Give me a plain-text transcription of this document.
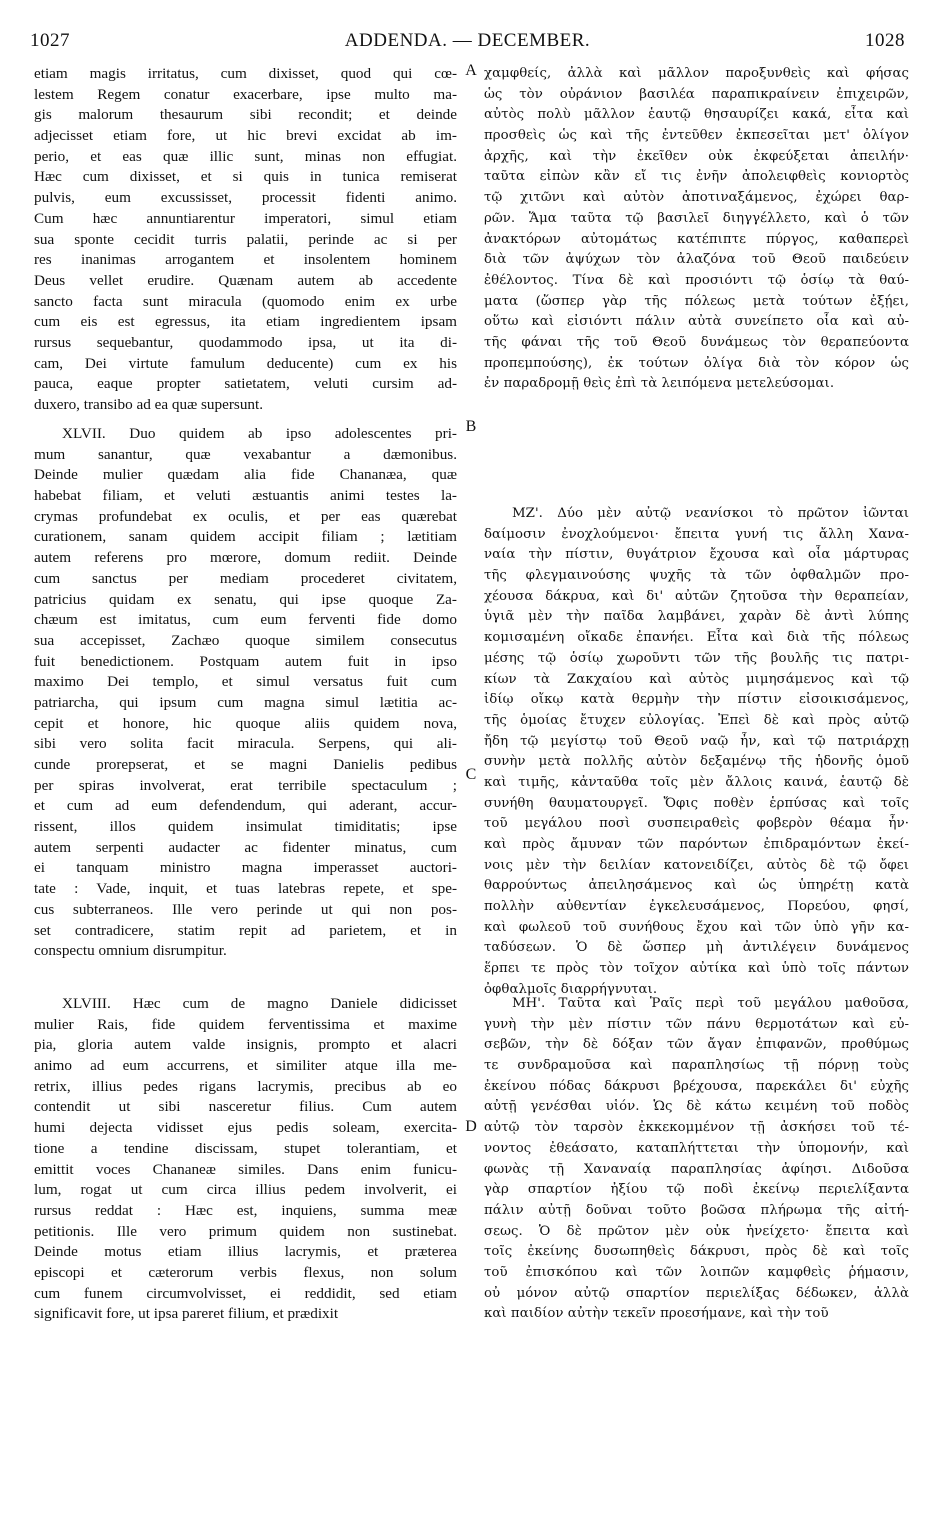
1027	ADDENDA. — DECEMBER.	1028
etiam magis irritatus, cum dixisset, quod qui cœ-
lestem Regem conatur exacerbare, ipse multo ma-
gis malorum thesaurum sibi recondit; et deinde
adjecisset etiam fore, ut hic brevi excidat ab im-
perio, et eas quæ illic sunt, minas non effugiat.
Hæc cum dixisset, et si quis in tunica remiserat
pulvis, eum excussisset, processit fidenti animo.
Cum hæc annuntiarentur imperatori, simul etiam
sua sponte cecidit turris palatii, perinde ac si per
res inanimas arrogantem et insolentem hominem
Deus vellet erudire. Quænam autem ab accedente
sancto facta sunt miracula (quomodo enim ex urbe
cum eis est egressus, ita etiam ingredientem ipsam
rursus sequebantur, quodammodo ipsa, ut ita di-
cam, Dei virtute famulum deducente) cum ex his
pauca, eaque propter satietatem, veluti cursim ad-
duxero, transibo ad ea quæ supersunt.
XLVII. Duo quidem ab ipso adolescentes pri-
mum sanantur, quæ vexabantur a dæmonibus.
Deinde mulier quædam alia fide Chananæa, quæ
habebat filiam, et veluti æstuantis animi testes la-
crymas profundebat ex oculis, et per eas quærebat
curationem, sanam quidem accipit filiam ; lætitiam
autem referens pro mœrore, domum rediit. Deinde
cum sanctus per mediam procederet civitatem,
patricius quidam ex senatu, qui ipse quoque Za-
chæum est imitatus, cum eum ferventi fide domo
sua accepisset, Zachæo quoque similem consecutus
fuit benedictionem. Postquam autem fuit in ipso
maximo Dei templo, et simul versatus fuit cum
patriarcha, qui ipsum cum magna simul lætitia ac-
cepit et honore, hic quoque aliis quidem nova,
sibi vero solita facit miracula. Serpens, qui ali-
cunde prorepserat, et se magni Danielis pedibus
per spiras involverat, erat terribile spectaculum ;
et cum ad eum defendendum, qui aderant, accur-
rissent, illos quidem insimulat timiditatis; ipse
autem serpenti audacter ac fidenter minatus, cum
ei tanquam ministro magna imperasset auctori-
tate : Vade, inquit, et tuas latebras repete, et spe-
cus subterraneos. Ille vero perinde ut qui non pos-
set contradicere, statim repit ad parietem, et in
conspectu omnium disrumpitur.
XLVIII. Hæc cum de magno Daniele didicisset
mulier Rais, fide quidem ferventissima et maxime
pia, gloria autem valde insignis, prompto et alacri
animo ad eum accurrens, et similiter atque illa me-
retrix, illius pedes rigans lacrymis, precibus ab eo
contendit ut sibi nasceretur filius. Cum autem
humi dejecta vidisset ejus pedis soleam, exercita-
tione a tendine discissam, stupet tolerantiam, et
emittit voces Chananeæ similes. Dans enim funicu-
lum, rogat ut cum circa illius pedem involverit, ei
rursus reddat : Hæc est, inquiens, summa meæ
petitionis. Ille vero primum quidem non sustinebat.
Deinde motus etiam illius lacrymis, et præterea
episcopi et cæterorum verbis flexus, non solum
cum funem circumvolvisset, ei reddidit, sed etiam
significavit fore, ut ipsa pareret filium, et prædixit
χαμφθείς, ἀλλὰ καὶ μᾶλλον παροξυνθεὶς καὶ φήσας
ὡς τὸν οὐράνιον βασιλέα παραπικραίνειν ἐπιχειρῶν,
αὐτὸς πολὺ μᾶλλον ἑαυτῷ θησαυρίζει κακά, εἶτα καὶ
προσθεὶς ὡς καὶ τῆς ἐντεῦθεν ἐκπεσεῖται μετ' ὀλίγον
ἀρχῆς, καὶ τὴν ἐκεῖθεν οὐκ ἐκφεύξεται ἀπειλήν·
ταῦτα εἰπὼν κἂν εἴ τις ἐνῆν ἀπολειφθεὶς κονιορτὸς
τῷ χιτῶνι καὶ αὐτὸν ἀποτιναξάμενος, ἐχώρει θαρ-
ρῶν. Ἅμα ταῦτα τῷ βασιλεῖ διηγγέλλετο, καὶ ὁ τῶν
ἀνακτόρων αὐτομάτως κατέπιπτε πύργος, καθαπερεὶ
διὰ τῶν ἀψύχων τὸν ἀλαζόνα τοῦ Θεοῦ παιδεύειν
ἐθέλοντος. Τίνα δὲ καὶ προσιόντι τῷ ὁσίῳ τὰ θαύ-
ματα (ὥσπερ γὰρ τῆς πόλεως μετὰ τούτων ἐξῄει,
οὕτω καὶ εἰσιόντι πάλιν αὐτὰ συνείπετο οἷα καὶ αὐ-
τῆς φάναι τῆς τοῦ Θεοῦ δυνάμεως τὸν θεραπεύοντα
προπεμπούσης), ἐκ τούτων ὀλίγα διὰ τὸν κόρον ὡς
ἐν παραδρομῇ θεὶς ἐπὶ τὰ λειπόμενα μετελεύσομαι.
ΜΖ'. Δύο μὲν αὐτῷ νεανίσκοι τὸ πρῶτον ἰῶνται
δαίμοσιν ἐνοχλούμενοι· ἔπειτα γυνή τις ἄλλη Χανα-
ναία τὴν πίστιν, θυγάτριον ἔχουσα καὶ οἷα μάρτυρας
τῆς φλεγμαινούσης ψυχῆς τὰ τῶν ὀφθαλμῶν προ-
χέουσα δάκρυα, καὶ δι' αὐτῶν ζητοῦσα τὴν θεραπείαν,
ὑγιᾶ μὲν τὴν παῖδα λαμβάνει, χαρὰν δὲ ἀντὶ λύπης
κομισαμένη οἴκαδε ἐπανήει. Εἶτα καὶ διὰ τῆς πόλεως
μέσης τῷ ὁσίῳ χωροῦντι τῶν τῆς βουλῆς τις πατρι-
κίων τὰ Ζακχαίου καὶ αὐτὸς μιμησάμενος καὶ τῷ
ἰδίῳ οἴκῳ κατὰ θερμὴν τὴν πίστιν εἰσοικισάμενος,
τῆς ὁμοίας ἔτυχεν εὐλογίας. Ἐπεὶ δὲ καὶ πρὸς αὐτῷ
ἤδη τῷ μεγίστῳ τοῦ Θεοῦ ναῷ ἦν, καὶ τῷ πατριάρχῃ
συνὴν μετὰ πολλῆς αὐτὸν δεξαμένῳ τῆς ἡδονῆς ὁμοῦ
καὶ τιμῆς, κἀνταῦθα τοῖς μὲν ἄλλοις καινά, ἑαυτῷ δὲ
συνήθη θαυματουργεῖ. Ὄφις ποθὲν ἑρπύσας καὶ τοῖς
τοῦ μεγάλου ποσὶ συσπειραθεὶς φοβερὸν θέαμα ἦν·
καὶ πρὸς ἄμυναν τῶν παρόντων ἐπιδραμόντων ἐκεί-
νοις μὲν τὴν δειλίαν κατονειδίζει, αὐτὸς δὲ τῷ ὄφει
θαρρούντως ἀπειλησάμενος καὶ ὡς ὑπηρέτῃ κατὰ
πολλὴν αὐθεντίαν ἐγκελευσάμενος, Πορεύου, φησί,
καὶ φωλεοῦ τοῦ συνήθους ἔχου καὶ τῶν ὑπὸ γῆν κα-
ταδύσεων. Ὁ δὲ ὥσπερ μὴ ἀντιλέγειν δυνάμενος
ἕρπει τε πρὸς τὸν τοῖχον αὐτίκα καὶ ὑπὸ τοῖς πάντων
ὀφθαλμοῖς διαρρήγνυται.
ΜΗ'. Ταῦτα καὶ Ῥαῖς περὶ τοῦ μεγάλου μαθοῦσα,
γυνὴ τὴν μὲν πίστιν τῶν πάνυ θερμοτάτων καὶ εὐ-
σεβῶν, τὴν δὲ δόξαν τῶν ἄγαν ἐπιφανῶν, προθύμως
τε συνδραμοῦσα καὶ παραπλησίως τῇ πόρνῃ τοὺς
ἐκείνου πόδας δάκρυσι βρέχουσα, παρεκάλει δι' εὐχῆς
αὐτῇ γενέσθαι υἱόν. Ὡς δὲ κάτω κειμένη τοῦ ποδὸς
αὐτῷ τὸν ταρσὸν ἐκκεκομμένον τῇ ἀσκήσει τοῦ τέ-
νοντος ἐθεάσατο, καταπλήττεται τὴν ὑπομονήν, καὶ
φωνὰς τῇ Χαναναίᾳ παραπλησίας ἀφίησι. Διδοῦσα
γὰρ σπαρτίον ἠξίου τῷ ποδὶ ἐκείνῳ περιελίξαντα
πάλιν αὐτῇ δοῦναι τοῦτο βοῶσα πλήρωμα τῆς αἰτή-
σεως. Ὁ δὲ πρῶτον μὲν οὐκ ἠνείχετο· ἔπειτα καὶ
τοῖς ἐκείνης δυσωπηθεὶς δάκρυσι, πρὸς δὲ καὶ τοῖς
τοῦ ἐπισκόπου καὶ τῶν λοιπῶν καμφθεὶς ῥήμασιν,
οὐ μόνον αὐτῷ σπαρτίον περιελίξας δέδωκεν, ἀλλὰ
καὶ παιδίον αὐτὴν τεκεῖν προεσήμανε, καὶ τὴν τοῦ
A
B
C
D
